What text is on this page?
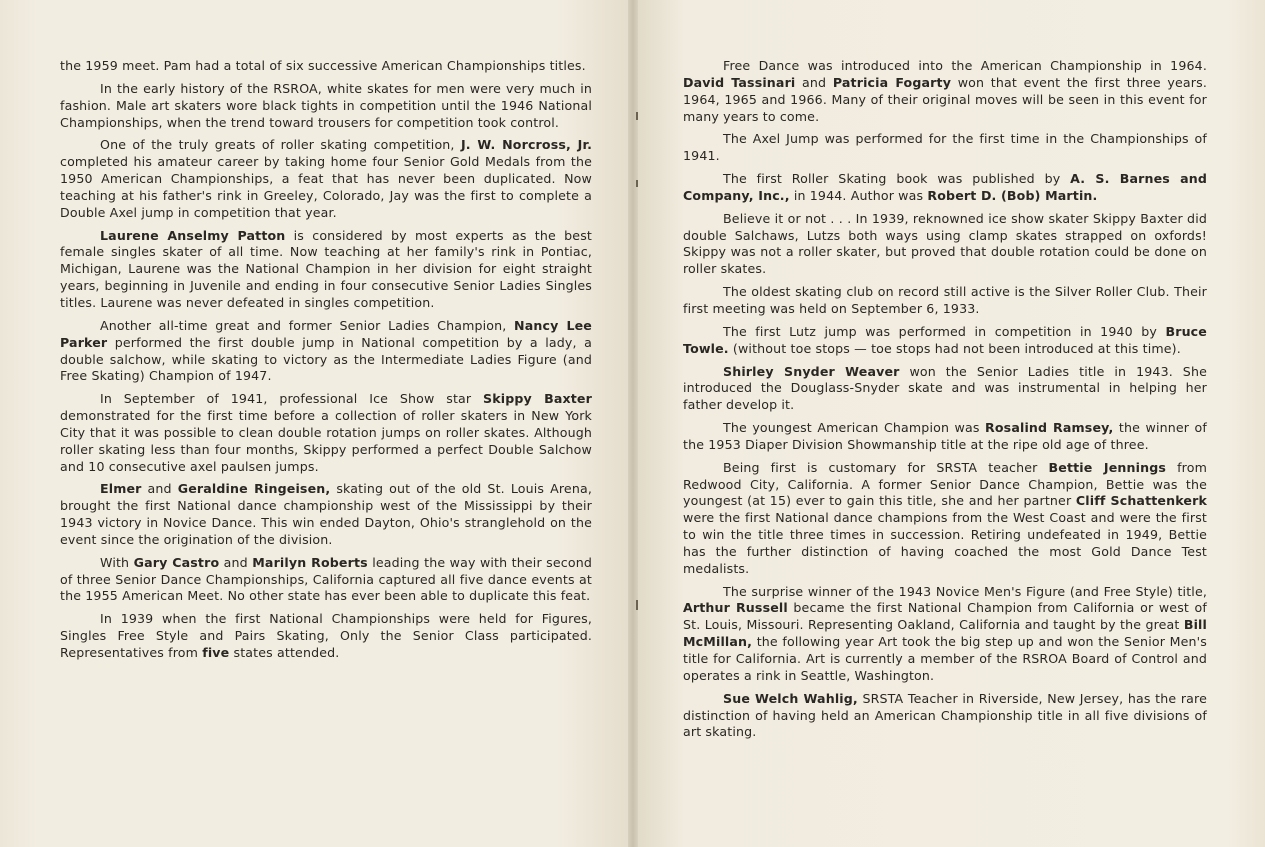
the 1959 meet. Pam had a total of six successive American Championships titles.

In the early history of the RSROA, white skates for men were very much in fashion. Male art skaters wore black tights in competition until the 1946 National Championships, when the trend toward trousers for competition took control.

One of the truly greats of roller skating competition, J. W. Norcross, Jr. completed his amateur career by taking home four Senior Gold Medals from the 1950 American Championships, a feat that has never been duplicated. Now teaching at his father's rink in Greeley, Colorado, Jay was the first to complete a Double Axel jump in competition that year.

Laurene Anselmy Patton is considered by most experts as the best female singles skater of all time. Now teaching at her family's rink in Pontiac, Michigan, Laurene was the National Champion in her division for eight straight years, beginning in Juvenile and ending in four consecutive Senior Ladies Singles titles. Laurene was never defeated in singles competition.

Another all-time great and former Senior Ladies Champion, Nancy Lee Parker performed the first double jump in National competition by a lady, a double salchow, while skating to victory as the Intermediate Ladies Figure (and Free Skating) Champion of 1947.

In September of 1941, professional Ice Show star Skippy Baxter demonstrated for the first time before a collection of roller skaters in New York City that it was possible to clean double rotation jumps on roller skates. Although roller skating less than four months, Skippy performed a perfect Double Salchow and 10 consecutive axel paulsen jumps.

Elmer and Geraldine Ringeisen, skating out of the old St. Louis Arena, brought the first National dance championship west of the Mississippi by their 1943 victory in Novice Dance. This win ended Dayton, Ohio's stranglehold on the event since the origination of the division.

With Gary Castro and Marilyn Roberts leading the way with their second of three Senior Dance Championships, California captured all five dance events at the 1955 American Meet. No other state has ever been able to duplicate this feat.

In 1939 when the first National Championships were held for Figures, Singles Free Style and Pairs Skating, Only the Senior Class participated. Representatives from five states attended.

Free Dance was introduced into the American Championship in 1964. David Tassinari and Patricia Fogarty won that event the first three years. 1964, 1965 and 1966. Many of their original moves will be seen in this event for many years to come.

The Axel Jump was performed for the first time in the Championships of 1941.

The first Roller Skating book was published by A. S. Barnes and Company, Inc., in 1944. Author was Robert D. (Bob) Martin.

Believe it or not . . . In 1939, reknowned ice show skater Skippy Baxter did double Salchaws, Lutzs both ways using clamp skates strapped on oxfords! Skippy was not a roller skater, but proved that double rotation could be done on roller skates.

The oldest skating club on record still active is the Silver Roller Club. Their first meeting was held on September 6, 1933.

The first Lutz jump was performed in competition in 1940 by Bruce Towle. (without toe stops — toe stops had not been introduced at this time).

Shirley Snyder Weaver won the Senior Ladies title in 1943. She introduced the Douglass-Snyder skate and was instrumental in helping her father develop it.

The youngest American Champion was Rosalind Ramsey, the winner of the 1953 Diaper Division Showmanship title at the ripe old age of three.

Being first is customary for SRSTA teacher Bettie Jennings from Redwood City, California. A former Senior Dance Champion, Bettie was the youngest (at 15) ever to gain this title, she and her partner Cliff Schattenkerk were the first National dance champions from the West Coast and were the first to win the title three times in succession. Retiring undefeated in 1949, Bettie has the further distinction of having coached the most Gold Dance Test medalists.

The surprise winner of the 1943 Novice Men's Figure (and Free Style) title, Arthur Russell became the first National Champion from California or west of St. Louis, Missouri. Representing Oakland, California and taught by the great Bill McMillan, the following year Art took the big step up and won the Senior Men's title for California. Art is currently a member of the RSROA Board of Control and operates a rink in Seattle, Washington.

Sue Welch Wahlig, SRSTA Teacher in Riverside, New Jersey, has the rare distinction of having held an American Championship title in all five divisions of art skating.
